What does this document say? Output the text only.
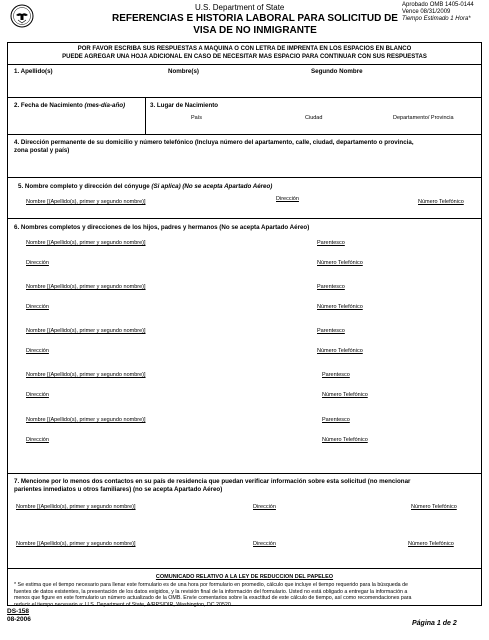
U.S. Department of State
REFERENCIAS E HISTORIA LABORAL PARA SOLICITUD DE
VISA DE NO INMIGRANTE
Aprobado OMB 1405-0144
Vence 08/31/2009
Tiempo Estimado 1 Hora*
POR FAVOR ESCRIBA SUS RESPUESTAS A MAQUINA O CON LETRA DE IMPRENTA EN LOS ESPACIOS EN BLANCO
PUEDE AGREGAR UNA HOJA ADICIONAL EN CASO DE NECESITAR MAS ESPACIO PARA CONTINUAR CON SUS RESPUESTAS
1. Apellido(s)	Nombre(s)	Segundo Nombre
2. Fecha de Nacimiento (mes-día-año)	3. Lugar de Nacimiento
País	Ciudad	Departamento/ Provincia
4. Dirección permanente de su domicilio y número telefónico (Incluya número del apartamento, calle, ciudad, departamento o provincia,
zona postal y país)
5. Nombre completo y dirección del cónyuge (Si aplica) (No se acepta Apartado Aéreo)
Nombre [(Apellido(s), primer y segundo nombre)]	Dirección	Número Telefónico
6. Nombres completos y direcciones de los hijos, padres y hermanos (No se acepta Apartado Aéreo)
Nombre [(Apellido(s), primer y segundo nombre)]	Parentesco
Dirección	Número Telefónico
Nombre [(Apellido(s), primer y segundo nombre)]	Parentesco
Dirección	Número Telefónico
Nombre [(Apellido(s), primer y segundo nombre)]	Parentesco
Dirección	Número Telefónico
Nombre [(Apellido(s), primer y segundo nombre)]	Parentesco
Dirección	Número Telefónico
Nombre [(Apellido(s), primer y segundo nombre)]	Parentesco
Dirección	Número Telefónico
7. Mencione por lo menos dos contactos en su país de residencia que puedan verificar información sobre esta solicitud (no mencionar
parientes inmediatos u otros familiares) (no se acepta Apartado Aéreo)
Nombre [(Apellido(s), primer y segundo nombre)]	Dirección	Número Telefónico
Nombre [(Apellido(s), primer y segundo nombre)]	Dirección	Número Telefónico
COMUNICADO RELATIVO A LA LEY DE REDUCCION DEL PAPELEO
* Se estima que el tiempo necesario para llenar este formulario es de una hora por formulario en promedio, cálculo que incluye el tiempo requerido para la búsqueda de
fuentes de datos existentes, la presentación de los datos exigidos, y la revisión final de la información del formulario. Usted no está obligado a entregar la información a
menos que figure en este formulario un número actualizado de la OMB. Envíe comentarios sobre la exactitud de este cálculo de tiempo, así como recomendaciones para
reducir el tiempo necesario a: U.S. Department of State, A/RPS/DIR, Washington, DC 20520.
DS-158
08-2006
Página 1 de 2
